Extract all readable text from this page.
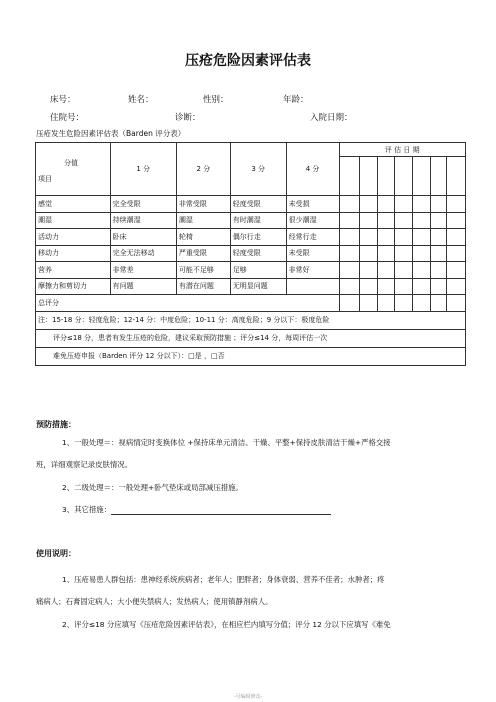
压疮危险因素评估表
床号：	姓名：	性别：	年龄：
住院号：	诊断：	入院日期：
压疮发生危险因素评估表（Barden 评分表）
分值
项目	1 分	2 分	3 分	4 分	评 估 日 期						

感觉	完全受限	非常受限	轻度受限	未受损							
潮湿	持续潮湿	潮湿	有时潮湿	很少潮湿							
活动力	卧床	轮椅	偶尔行走	经常行走							
移动力	完全无法移动	严重受限	轻度受限	未受限							
营养	非常差	可能不足够	足够	非常好							
摩擦力和剪切力	有问题	有潜在问题	无明显问题								
总评分											
注：15-18 分：轻度危险；12-14 分：中度危险；10-11 分：高度危险；9 分以下：极度危险											
评分≤18 分，患者有发生压疮的危险，建议采取预防措施 ；评分≤14 分，每周评估一次											
难免压疮申报（Barden 评分 12 分以下）：□是 ，□否											
预防措施：
1、一般处理＝：视病情定时变换体位 +保持床单元清洁、干燥、平整+保持皮肤清洁干燥+严格交接
班，详细观察记录皮肤情况。
2、二级处理＝：一般处理+卧气垫床或局部减压措施。
3、其它措施：
使用说明：
1、压疮易患人群包括：患神经系统疾病者；老年人；肥胖者；身体衰弱、营养不佳者；水肿者；疼
痛病人；石膏固定病人；大小便失禁病人；发热病人；使用镇静剂病人。
2、评分≤18 分应填写《压疮危险因素评估表》，在相应栏内填写分值；评分 12 分以下应填写《难免
-可编辑修改-
